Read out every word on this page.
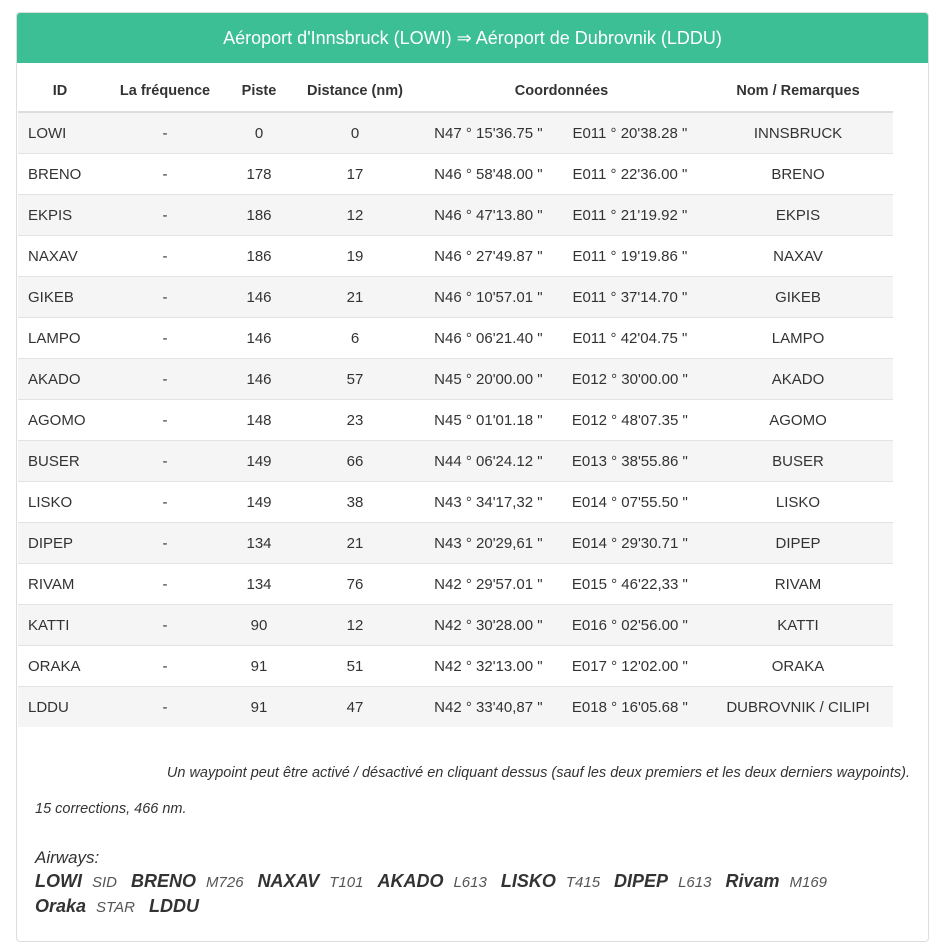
Aéroport d'Innsbruck (LOWI) ⇒ Aéroport de Dubrovnik (LDDU)
ID	La fréquence	Piste	Distance (nm)	Coordonnées		Nom / Remarques
LOWI	-	0	0	N47 ° 15'36.75 "	E011 ° 20'38.28 "	INNSBRUCK
BRENO	-	178	17	N46 ° 58'48.00 "	E011 ° 22'36.00 "	BRENO
EKPIS	-	186	12	N46 ° 47'13.80 "	E011 ° 21'19.92 "	EKPIS
NAXAV	-	186	19	N46 ° 27'49.87 "	E011 ° 19'19.86 "	NAXAV
GIKEB	-	146	21	N46 ° 10'57.01 "	E011 ° 37'14.70 "	GIKEB
LAMPO	-	146	6	N46 ° 06'21.40 "	E011 ° 42'04.75 "	LAMPO
AKADO	-	146	57	N45 ° 20'00.00 "	E012 ° 30'00.00 "	AKADO
AGOMO	-	148	23	N45 ° 01'01.18 "	E012 ° 48'07.35 "	AGOMO
BUSER	-	149	66	N44 ° 06'24.12 "	E013 ° 38'55.86 "	BUSER
LISKO	-	149	38	N43 ° 34'17,32 "	E014 ° 07'55.50 "	LISKO
DIPEP	-	134	21	N43 ° 20'29,61 "	E014 ° 29'30.71 "	DIPEP
RIVAM	-	134	76	N42 ° 29'57.01 "	E015 ° 46'22,33 "	RIVAM
KATTI	-	90	12	N42 ° 30'28.00 "	E016 ° 02'56.00 "	KATTI
ORAKA	-	91	51	N42 ° 32'13.00 "	E017 ° 12'02.00 "	ORAKA
LDDU	-	91	47	N42 ° 33'40,87 "	E018 ° 16'05.68 "	DUBROVNIK / CILIPI
Un waypoint peut être activé / désactivé en cliquant dessus (sauf les deux premiers et les deux derniers waypoints).
15 corrections, 466 nm.
Airways:
LOWI SID BRENO M726 NAXAV T101 AKADO L613 LISKO T415 DIPEP L613 Rivam M169
Oraka STAR LDDU
